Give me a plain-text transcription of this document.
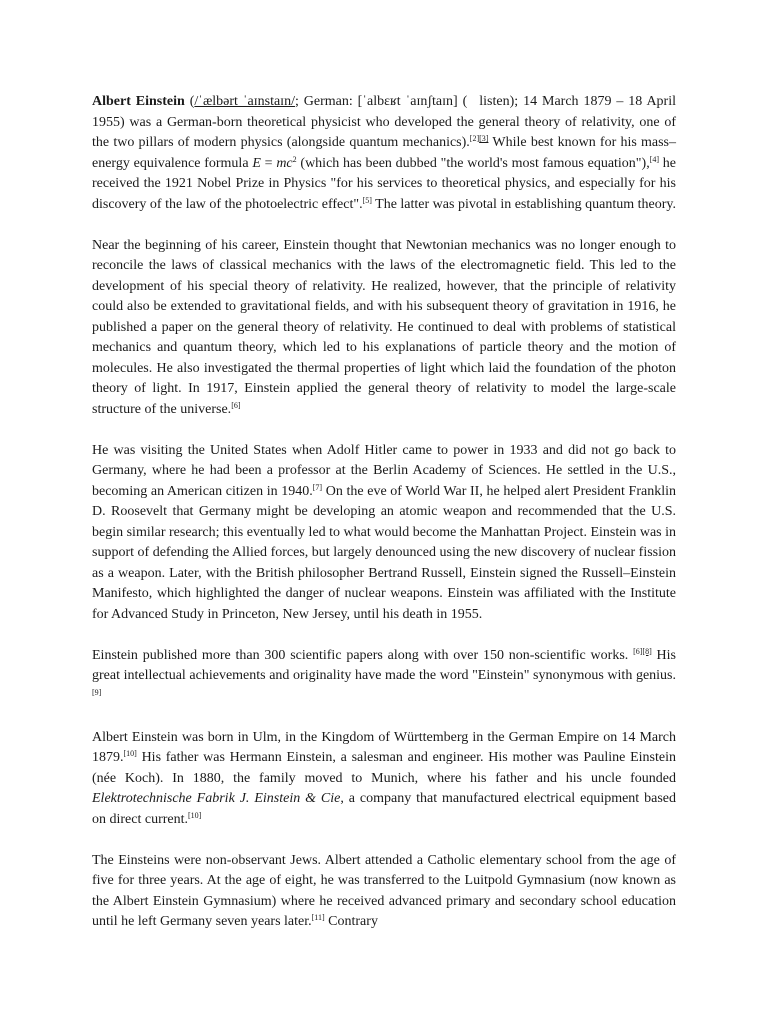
Albert Einstein (/ˈælbərt ˈaɪnstaɪn/; German: [ˈalbɛʁt ˈaɪnʃtaɪn] ( listen); 14 March 1879 – 18 April 1955) was a German-born theoretical physicist who developed the general theory of relativity, one of the two pillars of modern physics (alongside quantum mechanics).[2][3] While best known for his mass–energy equivalence formula $E = mc^2$ (which has been dubbed "the world's most famous equation"),[4] he received the 1921 Nobel Prize in Physics "for his services to theoretical physics, and especially for his discovery of the law of the photoelectric effect".[5] The latter was pivotal in establishing quantum theory.

Near the beginning of his career, Einstein thought that Newtonian mechanics was no longer enough to reconcile the laws of classical mechanics with the laws of the electromagnetic field. This led to the development of his special theory of relativity. He realized, however, that the principle of relativity could also be extended to gravitational fields, and with his subsequent theory of gravitation in 1916, he published a paper on the general theory of relativity. He continued to deal with problems of statistical mechanics and quantum theory, which led to his explanations of particle theory and the motion of molecules. He also investigated the thermal properties of light which laid the foundation of the photon theory of light. In 1917, Einstein applied the general theory of relativity to model the large-scale structure of the universe.[6]

He was visiting the United States when Adolf Hitler came to power in 1933 and did not go back to Germany, where he had been a professor at the Berlin Academy of Sciences. He settled in the U.S., becoming an American citizen in 1940.[7] On the eve of World War II, he helped alert President Franklin D. Roosevelt that Germany might be developing an atomic weapon and recommended that the U.S. begin similar research; this eventually led to what would become the Manhattan Project. Einstein was in support of defending the Allied forces, but largely denounced using the new discovery of nuclear fission as a weapon. Later, with the British philosopher Bertrand Russell, Einstein signed the Russell–Einstein Manifesto, which highlighted the danger of nuclear weapons. Einstein was affiliated with the Institute for Advanced Study in Princeton, New Jersey, until his death in 1955.

Einstein published more than 300 scientific papers along with over 150 non-scientific works. [6][8] His great intellectual achievements and originality have made the word "Einstein" synonymous with genius.[9]

Albert Einstein was born in Ulm, in the Kingdom of Württemberg in the German Empire on 14 March 1879.[10] His father was Hermann Einstein, a salesman and engineer. His mother was Pauline Einstein (née Koch). In 1880, the family moved to Munich, where his father and his uncle founded Elektrotechnische Fabrik J. Einstein & Cie, a company that manufactured electrical equipment based on direct current.[10]

The Einsteins were non-observant Jews. Albert attended a Catholic elementary school from the age of five for three years. At the age of eight, he was transferred to the Luitpold Gymnasium (now known as the Albert Einstein Gymnasium) where he received advanced primary and secondary school education until he left Germany seven years later.[11] Contrary
